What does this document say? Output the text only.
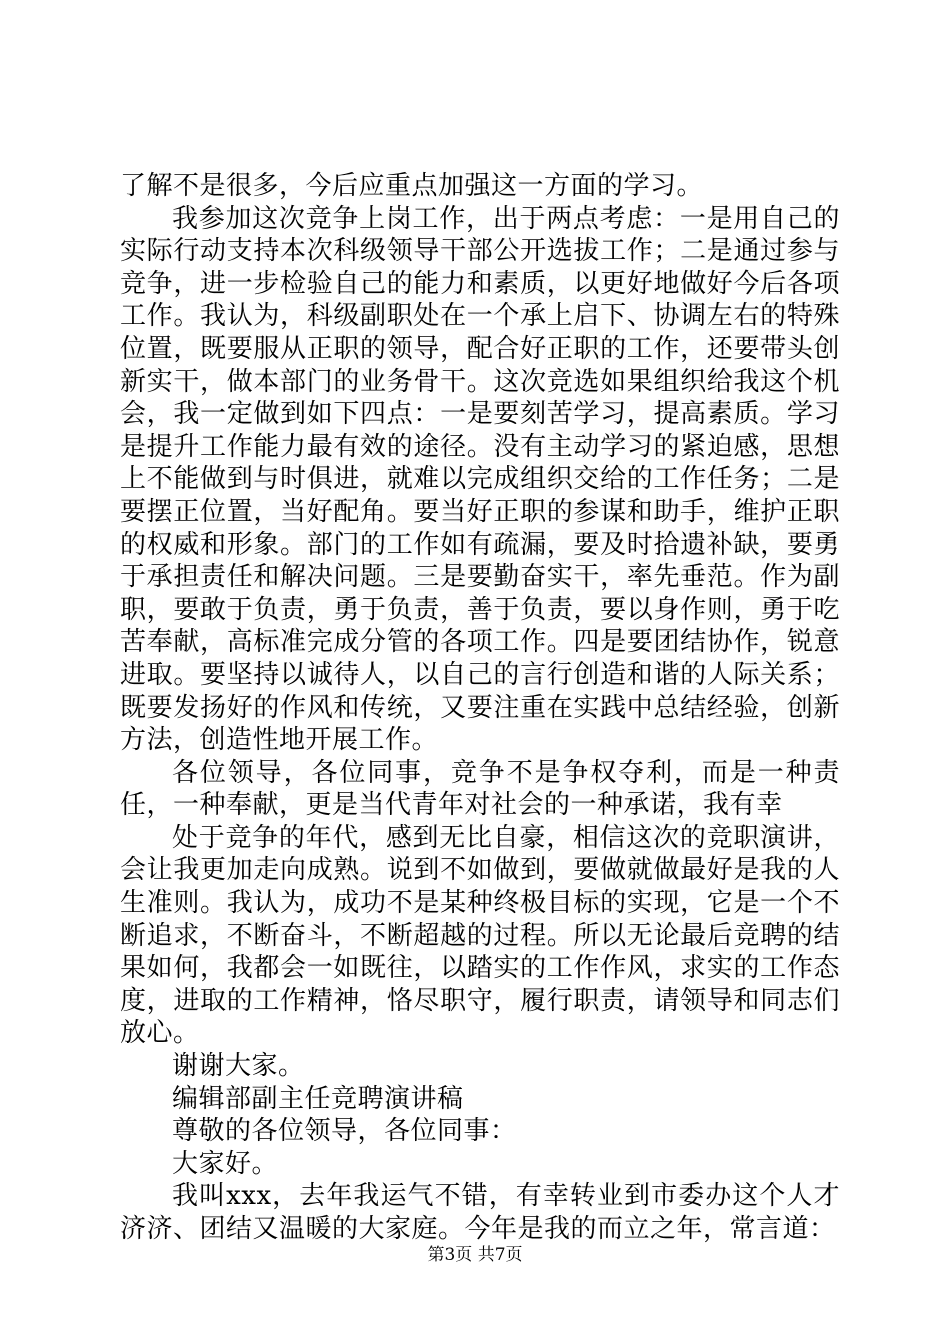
了解不是很多，今后应重点加强这一方面的学习。

我参加这次竞争上岗工作，出于两点考虑：一是用自己的实际行动支持本次科级领导干部公开选拔工作；二是通过参与竞争，进一步检验自己的能力和素质，以更好地做好今后各项工作。我认为，科级副职处在一个承上启下、协调左右的特殊位置，既要服从正职的领导，配合好正职的工作，还要带头创新实干，做本部门的业务骨干。这次竞选如果组织给我这个机会，我一定做到如下四点：一是要刻苦学习，提高素质。学习是提升工作能力最有效的途径。没有主动学习的紧迫感，思想上不能做到与时俱进，就难以完成组织交给的工作任务；二是要摆正位置，当好配角。要当好正职的参谋和助手，维护正职的权威和形象。部门的工作如有疏漏，要及时拾遗补缺，要勇于承担责任和解决问题。三是要勤奋实干，率先垂范。作为副职，要敢于负责，勇于负责，善于负责，要以身作则，勇于吃苦奉献，高标准完成分管的各项工作。四是要团结协作，锐意进取。要坚持以诚待人，以自己的言行创造和谐的人际关系；既要发扬好的作风和传统，又要注重在实践中总结经验，创新方法，创造性地开展工作。

各位领导，各位同事，竞争不是争权夺利，而是一种责任，一种奉献，更是当代青年对社会的一种承诺，我有幸

处于竞争的年代，感到无比自豪，相信这次的竞职演讲，会让我更加走向成熟。说到不如做到，要做就做最好是我的人生准则。我认为，成功不是某种终极目标的实现，它是一个不断追求，不断奋斗，不断超越的过程。所以无论最后竞聘的结果如何，我都会一如既往，以踏实的工作作风，求实的工作态度，进取的工作精神，恪尽职守，履行职责，请领导和同志们放心。

谢谢大家。

编辑部副主任竞聘演讲稿

尊敬的各位领导，各位同事：

大家好。

我叫xxx，去年我运气不错，有幸转业到市委办这个人才济济、团结又温暖的大家庭。今年是我的而立之年，常言道：

第3页 共7页
